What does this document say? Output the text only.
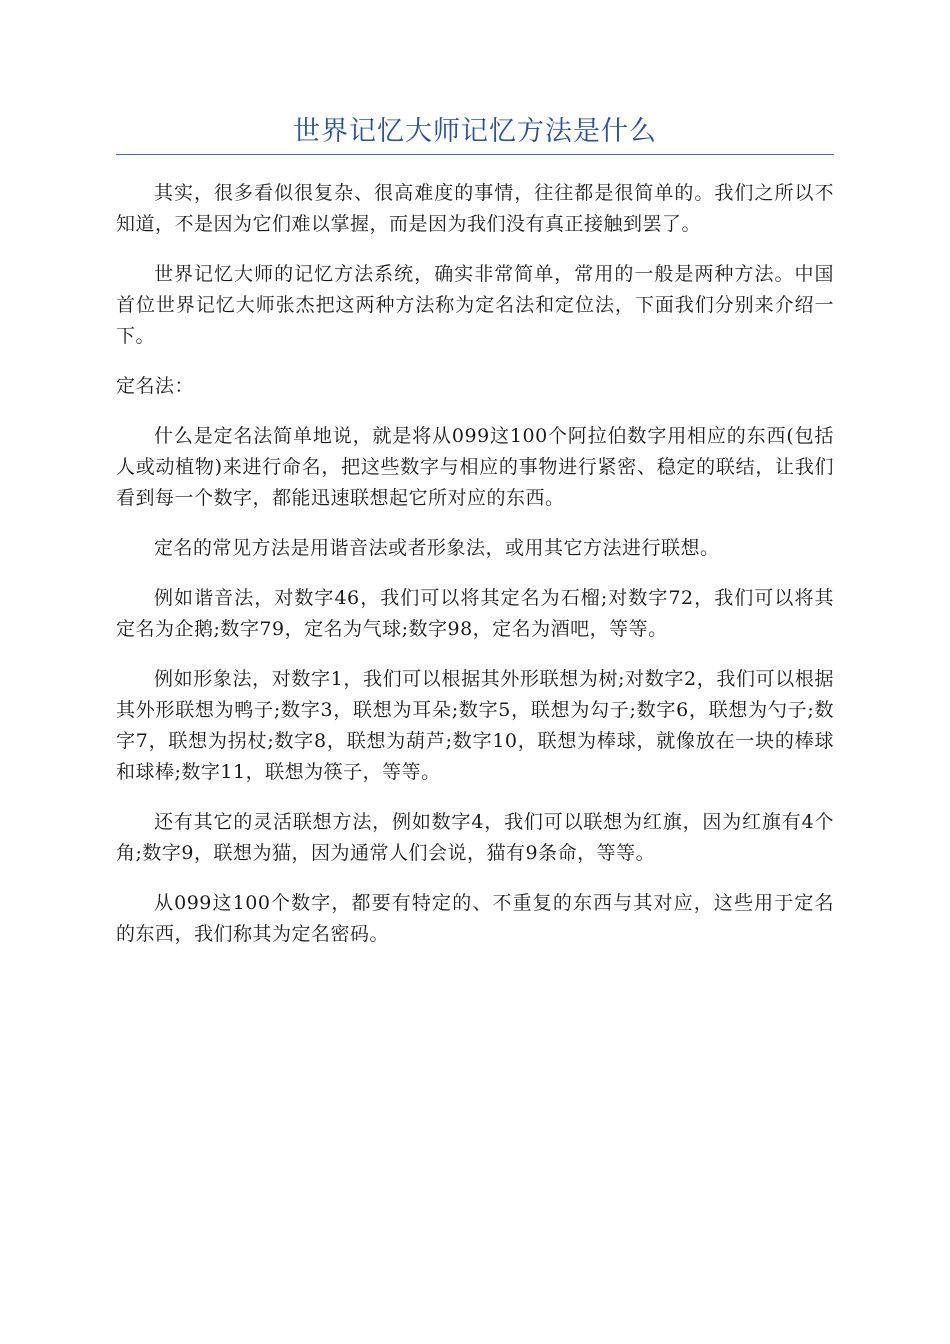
世界记忆大师记忆方法是什么

其实，很多看似很复杂、很高难度的事情，往往都是很简单的。我们之所以不知道，不是因为它们难以掌握，而是因为我们没有真正接触到罢了。

世界记忆大师的记忆方法系统，确实非常简单，常用的一般是两种方法。中国首位世界记忆大师张杰把这两种方法称为定名法和定位法，下面我们分别来介绍一下。

定名法：

什么是定名法简单地说，就是将从099这100个阿拉伯数字用相应的东西(包括人或动植物)来进行命名，把这些数字与相应的事物进行紧密、稳定的联结，让我们看到每一个数字，都能迅速联想起它所对应的东西。

定名的常见方法是用谐音法或者形象法，或用其它方法进行联想。

例如谐音法，对数字46，我们可以将其定名为石榴;对数字72，我们可以将其定名为企鹅;数字79，定名为气球;数字98，定名为酒吧，等等。

例如形象法，对数字1，我们可以根据其外形联想为树;对数字2，我们可以根据其外形联想为鸭子;数字3，联想为耳朵;数字5，联想为勾子;数字6，联想为勺子;数字7，联想为拐杖;数字8，联想为葫芦;数字10，联想为棒球，就像放在一块的棒球和球棒;数字11，联想为筷子，等等。

还有其它的灵活联想方法，例如数字4，我们可以联想为红旗，因为红旗有4个角;数字9，联想为猫，因为通常人们会说，猫有9条命，等等。

从099这100个数字，都要有特定的、不重复的东西与其对应，这些用于定名的东西，我们称其为定名密码。
